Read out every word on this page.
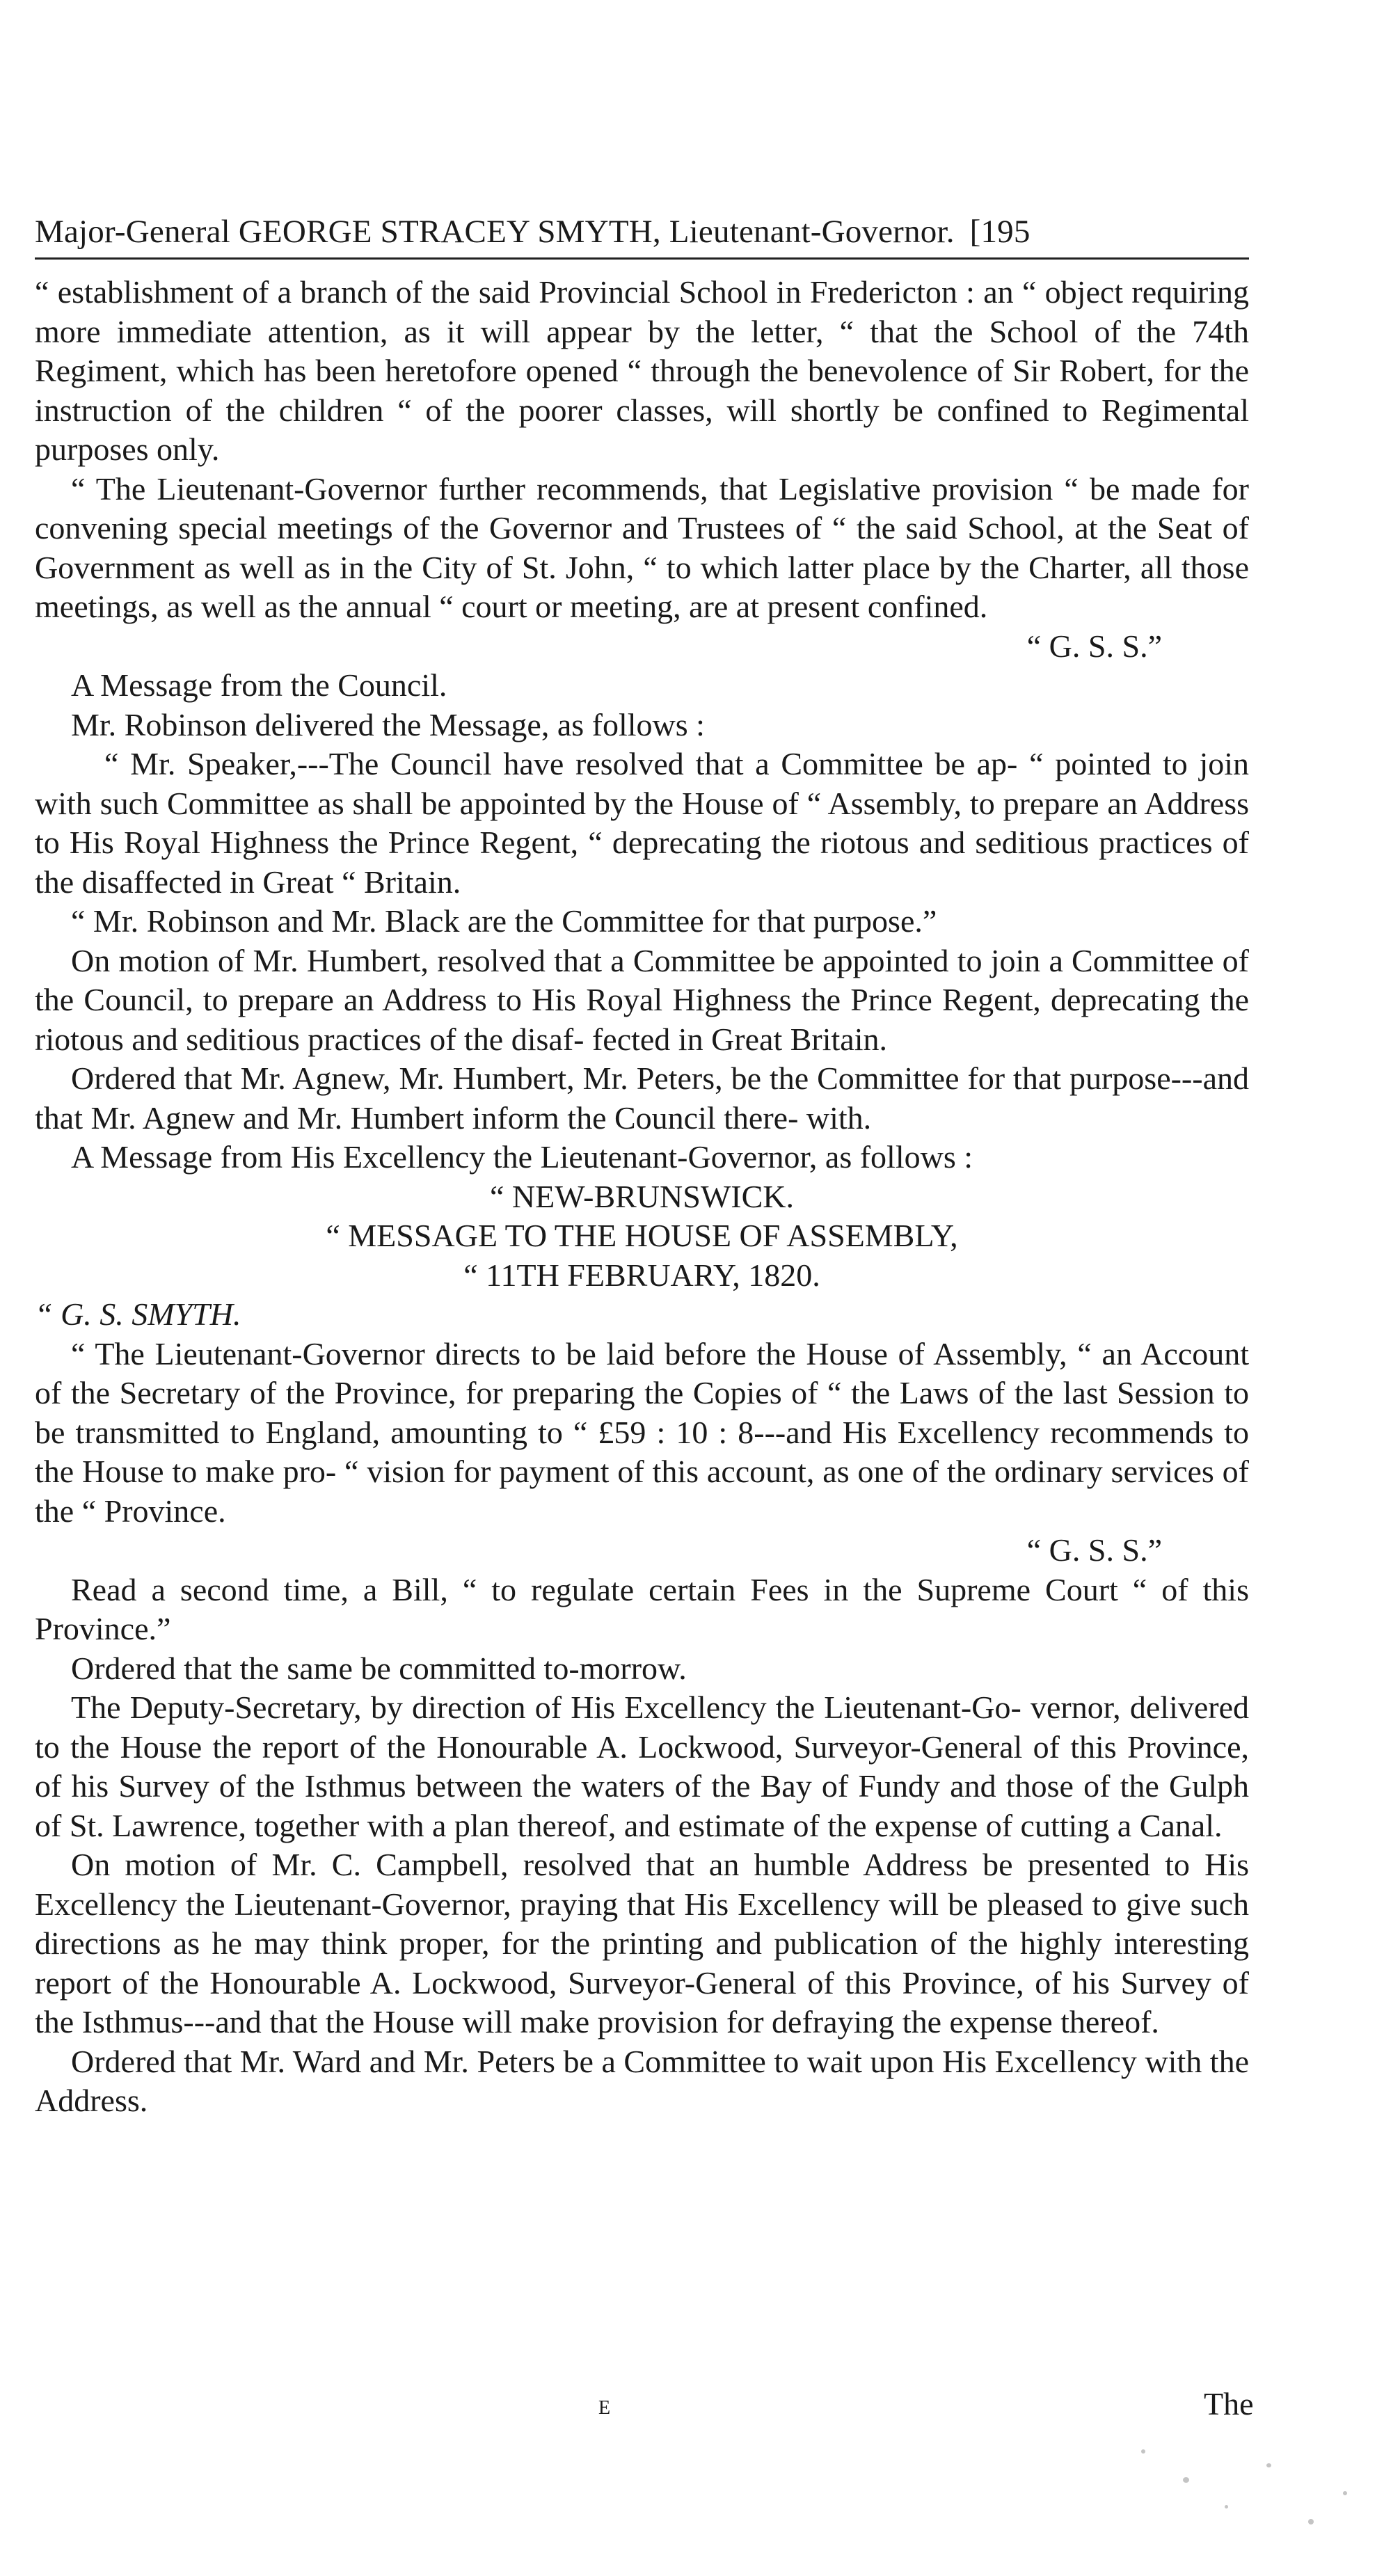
Major-General GEORGE STRACEY SMYTH, Lieutenant-Governor. [195

“ establishment of a branch of the said Provincial School in Fredericton : an “ object requiring more immediate attention, as it will appear by the letter, “ that the School of the 74th Regiment, which has been heretofore opened “ through the benevolence of Sir Robert, for the instruction of the children “ of the poorer classes, will shortly be confined to Regimental purposes only.

“ The Lieutenant-Governor further recommends, that Legislative provision “ be made for convening special meetings of the Governor and Trustees of “ the said School, at the Seat of Government as well as in the City of St. John, “ to which latter place by the Charter, all those meetings, as well as the annual “ court or meeting, are at present confined.

“ G. S. S.”

A Message from the Council.

Mr. Robinson delivered the Message, as follows :

“ Mr. Speaker,---The Council have resolved that a Committee be ap- “ pointed to join with such Committee as shall be appointed by the House of “ Assembly, to prepare an Address to His Royal Highness the Prince Regent, “ deprecating the riotous and seditious practices of the disaffected in Great “ Britain.

“ Mr. Robinson and Mr. Black are the Committee for that purpose.”

On motion of Mr. Humbert, resolved that a Committee be appointed to join a Committee of the Council, to prepare an Address to His Royal Highness the Prince Regent, deprecating the riotous and seditious practices of the disaf- fected in Great Britain.

Ordered that Mr. Agnew, Mr. Humbert, Mr. Peters, be the Committee for that purpose---and that Mr. Agnew and Mr. Humbert inform the Council there- with.

A Message from His Excellency the Lieutenant-Governor, as follows :

“ NEW-BRUNSWICK.

“ MESSAGE TO THE HOUSE OF ASSEMBLY,

“ 11TH FEBRUARY, 1820.

“ G. S. SMYTH.

“ The Lieutenant-Governor directs to be laid before the House of Assembly, “ an Account of the Secretary of the Province, for preparing the Copies of “ the Laws of the last Session to be transmitted to England, amounting to “ £59 : 10 : 8---and His Excellency recommends to the House to make pro- “ vision for payment of this account, as one of the ordinary services of the “ Province.

“ G. S. S.”

Read a second time, a Bill, “ to regulate certain Fees in the Supreme Court “ of this Province.”

Ordered that the same be committed to-morrow.

The Deputy-Secretary, by direction of His Excellency the Lieutenant-Go- vernor, delivered to the House the report of the Honourable A. Lockwood, Surveyor-General of this Province, of his Survey of the Isthmus between the waters of the Bay of Fundy and those of the Gulph of St. Lawrence, together with a plan thereof, and estimate of the expense of cutting a Canal.

On motion of Mr. C. Campbell, resolved that an humble Address be presented to His Excellency the Lieutenant-Governor, praying that His Excellency will be pleased to give such directions as he may think proper, for the printing and publication of the highly interesting report of the Honourable A. Lockwood, Surveyor-General of this Province, of his Survey of the Isthmus---and that the House will make provision for defraying the expense thereof.

Ordered that Mr. Ward and Mr. Peters be a Committee to wait upon His Excellency with the Address.

E	The
